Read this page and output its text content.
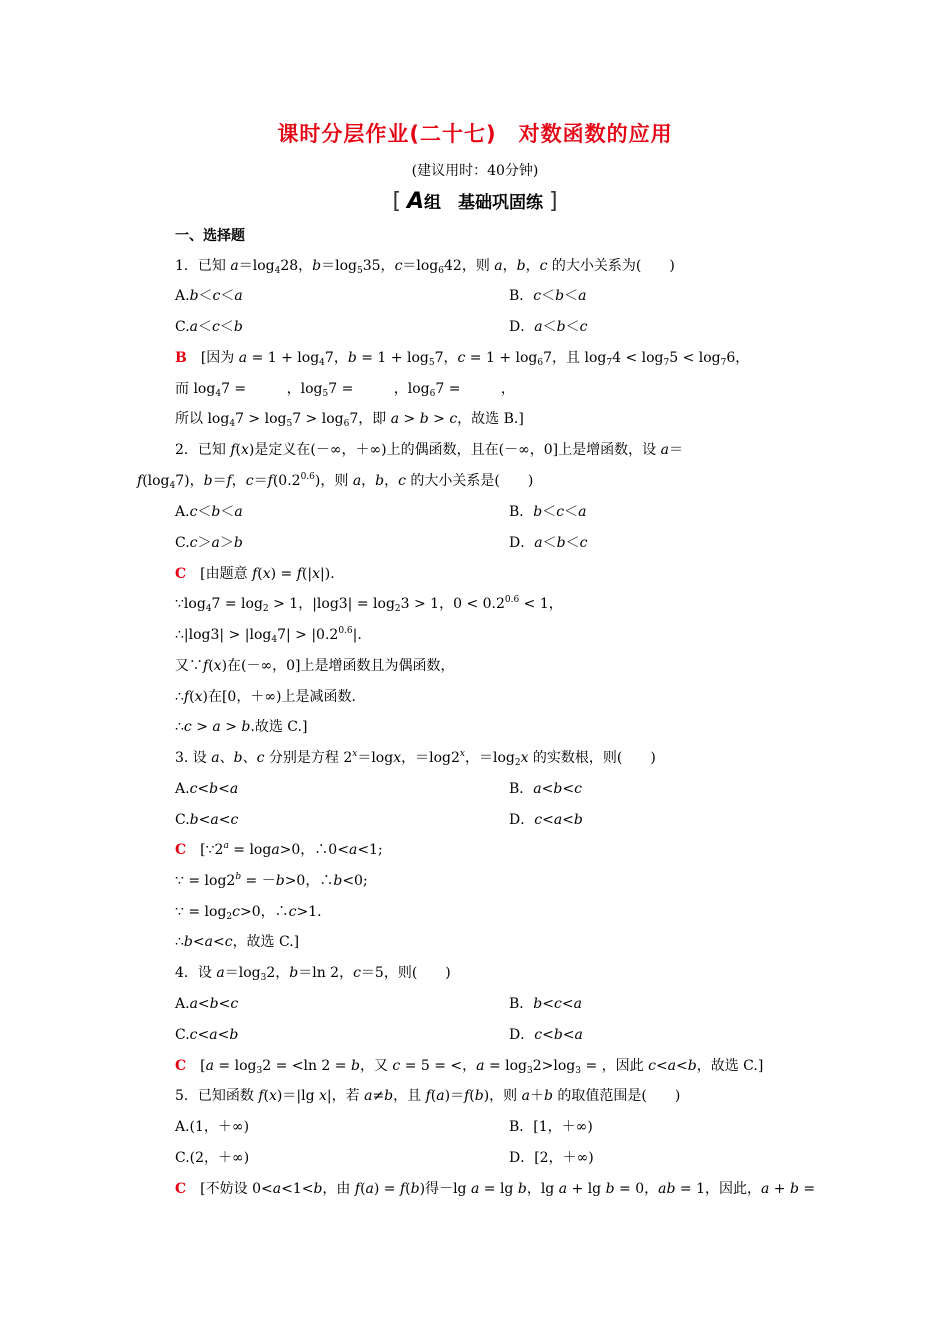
课时分层作业(二十七)　对数函数的应用
(建议用时：40分钟)
[ A组　基础巩固练 ]
一、选择题
1．已知 $a=\log_428$，$b=\log_535$，$c=\log_642$，则 a，b，c 的大小关系为(　　)
A.b＜c＜a	B．c＜b＜a
C.a＜c＜b	D．a＜b＜c
B [因为 $a = 1 + \log_47$，$b = 1 + \log_57$，$c = 1 + \log_67$，且 $\log_74 < \log_75 < \log_76$，
而 $\log_47$ =	，$\log_57$ =	，$\log_67$ =	，
所以 $\log_47 > \log_57 > \log_67$，即 a > b > c，故选 B.]
2．已知 f(x)是定义在(－∞，＋∞)上的偶函数，且在(－∞，0]上是增函数，设 a＝
$f(\log_47)$，b＝f，$c=f(0.2^{0.6})$，则 a，b，c 的大小关系是(　　)
A.c＜b＜a	B．b＜c＜a
C.c＞a＞b	D．a＜b＜c
C [由题意 f(x) = f(|x|).
$\because\log_47 = \log_2 > 1$，$|\log 3| = \log_23 > 1$，$0 < 0.2^{0.6} < 1$，
∴|log3| > $|\log_47| > |0.2^{0.6}|$.
又∵f(x)在(－∞，0]上是增函数且为偶函数，
∴f(x)在[0，＋∞)上是减函数.
∴c > a > b.故选 C.]
3. 设 a、b、c 分别是方程 $2^x=\log x$，$=\log 2^x$，$=\log_2x$ 的实数根，则(　　)
A.c<b<a	B．a<b<c
C.b<a<c	D．c<a<b
C [$\because 2^a = \log a>0$，∴0<a<1;
∵ = $\log 2^b = -b>0$，∴b<0;
∵ = $\log_2c>0$，∴c>1.
∴b<a<c，故选 C.]
4．设 $a=\log_32$，b＝ln 2，c＝5，则(　　)
A.a<b<c	B．b<c<a
C.c<a<b	D．c<b<a
C [$a = \log_32 = <\ln$ 2 = b，又 c = 5 = <，$a = \log_32>\log_3$ = ，因此 c<a<b，故选 C.]
5．已知函数 f(x)＝|lg x|，若 a≠b，且 f(a)＝f(b)，则 a＋b 的取值范围是(　　)
A.(1，＋∞)	B．[1，＋∞)
C.(2，＋∞)	D．[2，＋∞)
C [不妨设 0<a<1<b，由 f(a) = f(b)得－lg a = lg b，lg a + lg b = 0，ab = 1，因此，a + b =
